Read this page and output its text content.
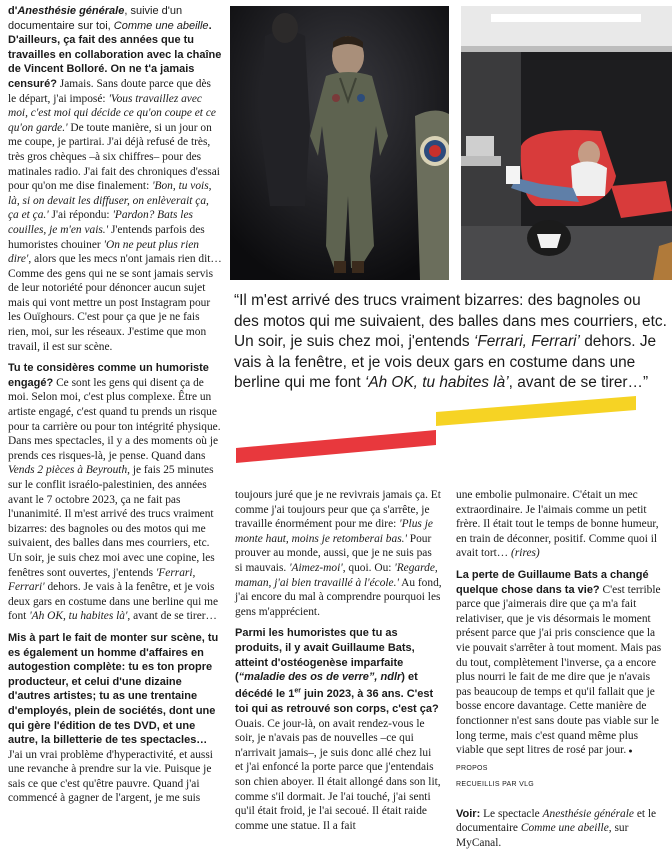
d'Anesthésie générale, suivie d'un documentaire sur toi, Comme une abeille. D'ailleurs, ça fait des années que tu travailles en collaboration avec la chaîne de Vincent Bolloré. On ne t'a jamais censuré? Jamais. Sans doute parce que dès le départ, j'ai imposé: 'Vous travaillez avec moi, c'est moi qui décide ce qu'on coupe et ce qu'on garde.' De toute manière, si un jour on me coupe, je partirai. J'ai déjà refusé de très, très gros chèques –à six chiffres– pour des matinales radio. J'ai fait des chroniques d'essai pour qu'on me dise finalement: 'Bon, tu vois, là, si on devait les diffuser, on enlèverait ça, ça et ça.' J'ai répondu: 'Pardon? Bats les couilles, je m'en vais.' J'entends parfois des humoristes chouiner 'On ne peut plus rien dire', alors que les mecs n'ont jamais rien dit… Comme des gens qui ne se sont jamais servis de leur notoriété pour dénoncer aucun sujet mais qui vont mettre un post Instagram pour les Ouïghours. C'est pour ça que je ne fais rien, moi, sur les réseaux. J'estime que mon travail, il est sur scène.

Tu te considères comme un humoriste engagé? Ce sont les gens qui disent ça de moi. Selon moi, c'est plus complexe. Être un artiste engagé, c'est quand tu prends un risque pour ta carrière ou pour ton intégrité physique. Dans mes spectacles, il y a des moments où je prends ces risques-là, je pense. Quand dans Vends 2 pièces à Beyrouth, je fais 25 minutes sur le conflit israélo-palestinien, des années avant le 7 octobre 2023, ça ne fait pas l'unanimité. Il m'est arrivé des trucs vraiment bizarres: des bagnoles ou des motos qui me suivaient, des balles dans mes courriers, etc. Un soir, je suis chez moi avec une copine, les fenêtres sont ouvertes, j'entends 'Ferrari, Ferrari' dehors. Je vais à la fenêtre, et je vois deux gars en costume dans une berline qui me font 'Ah OK, tu habites là', avant de se tirer…

Mis à part le fait de monter sur scène, tu es également un homme d'affaires en autogestion complète: tu es ton propre producteur, et celui d'une dizaine d'autres artistes; tu as une trentaine d'employés, plein de sociétés, dont une qui gère l'édition de tes DVD, et une autre, la billetterie de tes spectacles… J'ai un vrai problème d'hyperactivité, et aussi une revanche à prendre sur la vie. Puisque je sais ce que c'est qu'être pauvre. Quand j'ai commencé à gagner de l'argent, je me suis

“Il m'est arrivé des trucs vraiment bizarres: des bagnoles ou des motos qui me suivaient, des balles dans mes courriers, etc. Un soir, je suis chez moi, j'entends ‘Ferrari, Ferrari’ dehors. Je vais à la fenêtre, et je vois deux gars en costume dans une berline qui me font ‘Ah OK, tu habites là’, avant de se tirer…”

toujours juré que je ne revivrais jamais ça. Et comme j'ai toujours peur que ça s'arrête, je travaille énormément pour me dire: 'Plus je monte haut, moins je retomberai bas.' Pour prouver au monde, aussi, que je ne suis pas si mauvais. 'Aimez-moi', quoi. Ou: 'Regarde, maman, j'ai bien travaillé à l'école.' Au fond, j'ai encore du mal à comprendre pourquoi les gens m'apprécient.

Parmi les humoristes que tu as produits, il y avait Guillaume Bats, atteint d'ostéogenèse imparfaite (“maladie des os de verre”, ndlr) et décédé le 1er juin 2023, à 36 ans. C'est toi qui as retrouvé son corps, c'est ça? Ouais. Ce jour-là, on avait rendez-vous le soir, je n'avais pas de nouvelles –ce qui n'arrivait jamais–, je suis donc allé chez lui et j'ai enfoncé la porte parce que j'entendais son chien aboyer. Il était allongé dans son lit, comme s'il dormait. Je l'ai touché, j'ai senti qu'il était froid, je l'ai secoué. Il était raide comme une statue. Il a fait

une embolie pulmonaire. C'était un mec extraordinaire. Je l'aimais comme un petit frère. Il était tout le temps de bonne humeur, en train de déconner, positif. Comme quoi il avait tort… (rires)

La perte de Guillaume Bats a changé quelque chose dans ta vie? C'est terrible parce que j'aimerais dire que ça m'a fait relativiser, que je vis désormais le moment présent parce que j'ai pris conscience que la vie pouvait s'arrêter à tout moment. Mais pas du tout, complètement l'inverse, ça a encore plus nourri le fait de me dire que je n'avais pas beaucoup de temps et qu'il fallait que je bosse encore davantage. Cette manière de fonctionner n'est sans doute pas viable sur le long terme, mais c'est quand même plus viable que sept litres de rosé par jour. ● PROPOS
RECUEILLIS PAR VLG

Voir: Le spectacle Anesthésie générale et le documentaire Comme une abeille, sur MyCanal.
